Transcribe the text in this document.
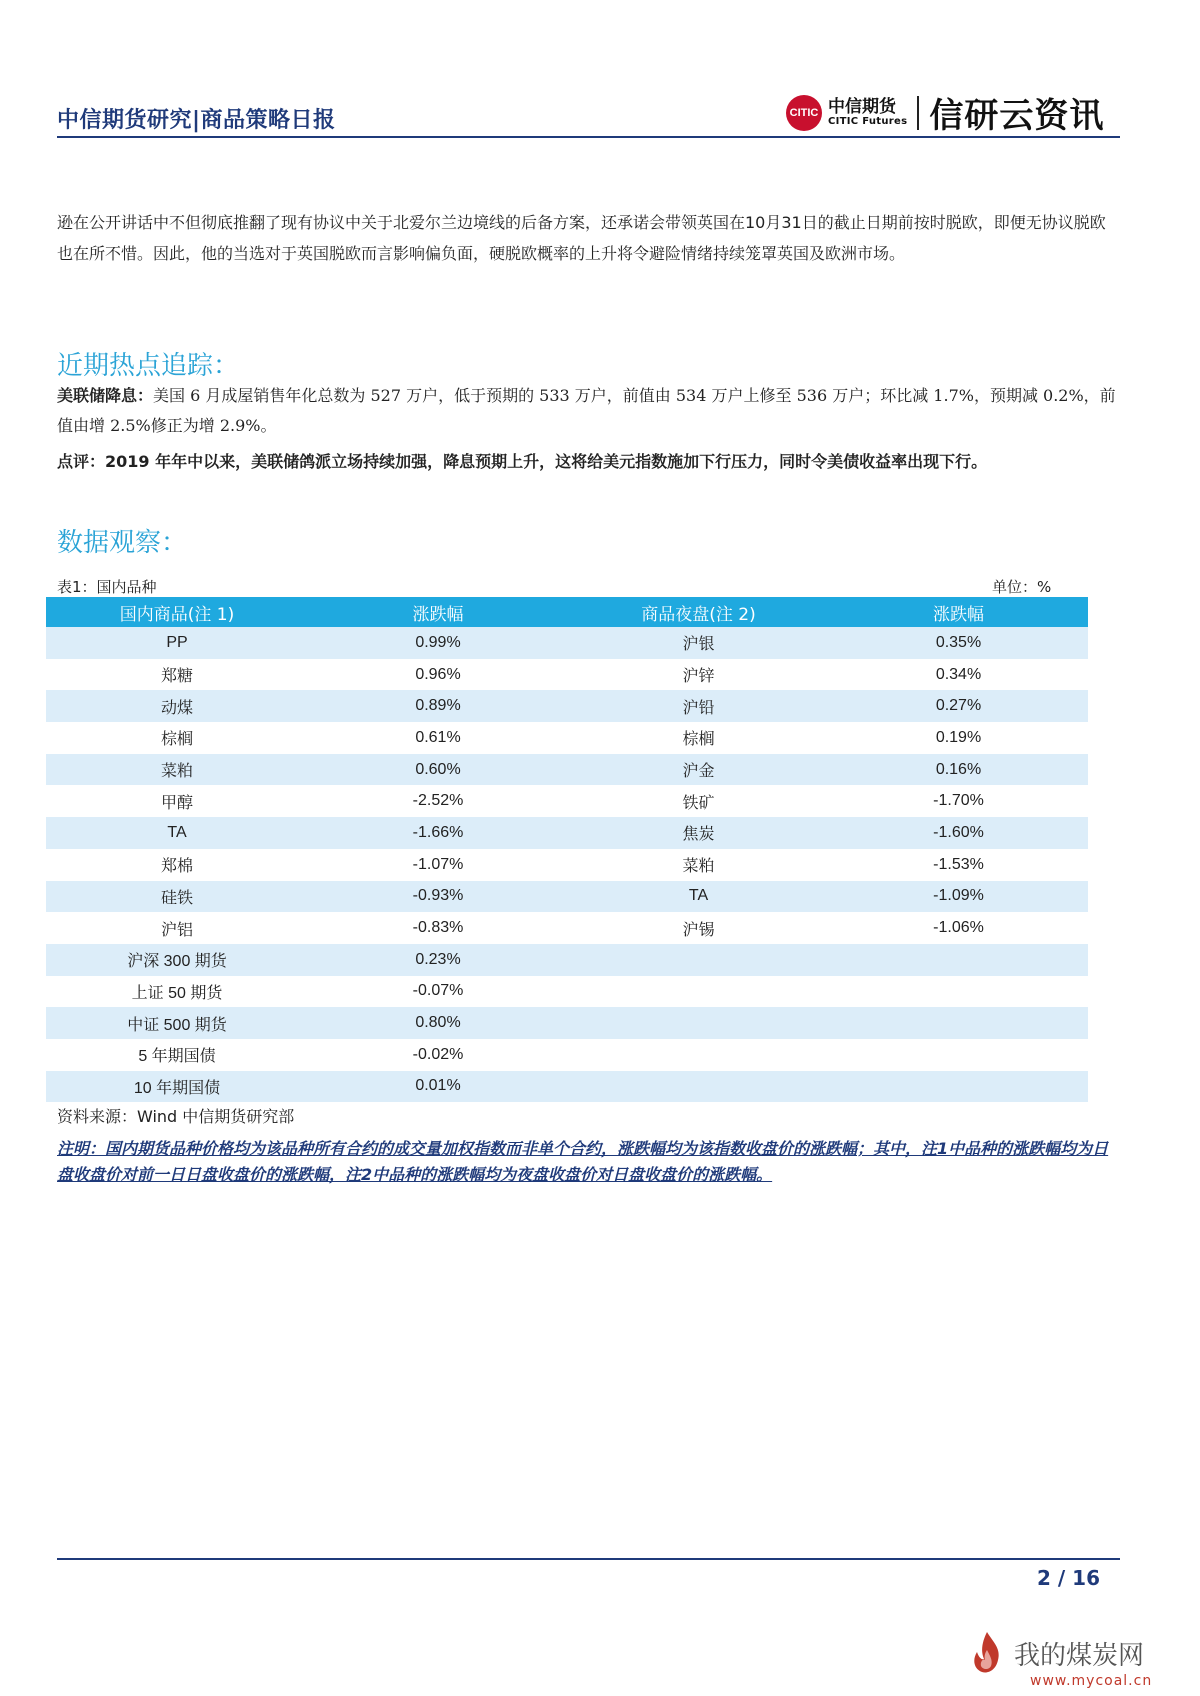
中信期货研究|商品策略日报	CITIC 中信期货
CITIC Futures 信研云资讯
逊在公开讲话中不但彻底推翻了现有协议中关于北爱尔兰边境线的后备方案，还承诺会带领英国在10月31日的截止日期前按时脱欧，即便无协议脱欧也在所不惜。因此，他的当选对于英国脱欧而言影响偏负面，硬脱欧概率的上升将令避险情绪持续笼罩英国及欧洲市场。
近期热点追踪：
美联储降息：美国 6 月成屋销售年化总数为 527 万户，低于预期的 533 万户，前值由 534 万户上修至 536 万户；环比减 1.7%，预期减 0.2%，前值由增 2.5%修正为增 2.9%。
点评：2019 年年中以来，美联储鸽派立场持续加强，降息预期上升，这将给美元指数施加下行压力，同时令美债收益率出现下行。
数据观察：
表1：国内品种	单位：%
国内商品(注 1)	涨跌幅	商品夜盘(注 2)	涨跌幅
PP	0.99%	沪银	0.35%
郑糖	0.96%	沪锌	0.34%
动煤	0.89%	沪铅	0.27%
棕榈	0.61%	棕榈	0.19%
菜粕	0.60%	沪金	0.16%
甲醇	-2.52%	铁矿	-1.70%
TA	-1.66%	焦炭	-1.60%
郑棉	-1.07%	菜粕	-1.53%
硅铁	-0.93%	TA	-1.09%
沪铝	-0.83%	沪锡	-1.06%
沪深 300 期货	0.23%		
上证 50 期货	-0.07%		
中证 500 期货	0.80%		
5 年期国债	-0.02%		
10 年期国债	0.01%		
资料来源：Wind 中信期货研究部
注明：国内期货品种价格均为该品种所有合约的成交量加权指数而非单个合约，涨跌幅均为该指数收盘价的涨跌幅；其中，注1中品种的涨跌幅均为日盘收盘价对前一日日盘收盘价的涨跌幅，注2中品种的涨跌幅均为夜盘收盘价对日盘收盘价的涨跌幅。
2 / 16
我的煤炭网
www.mycoal.cn
